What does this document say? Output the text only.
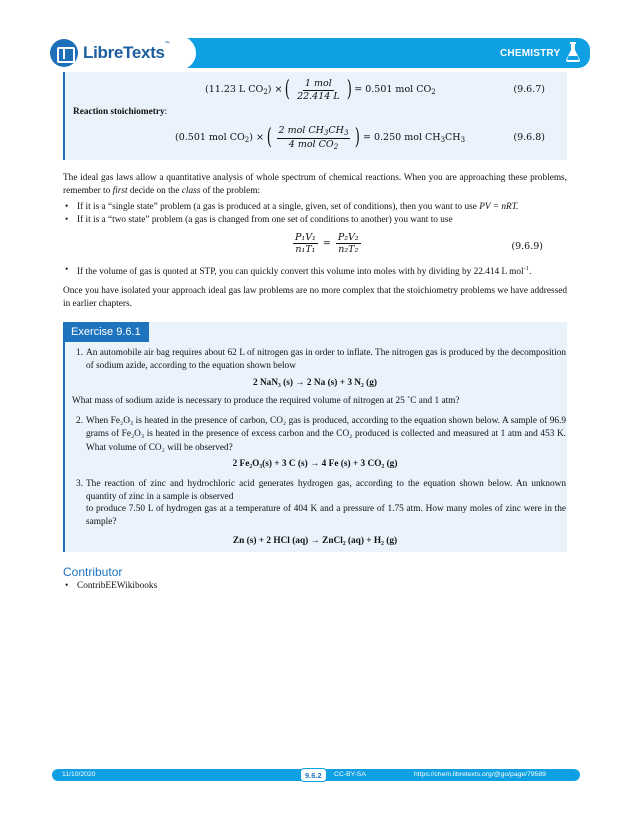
LibreTexts™
CHEMISTRY
(11.23 L $CO_2$) × ( $\frac{\text{1 mol}}{22.414 L}$ ) = 0.501 mol $CO_2$	(9.6.7)
Reaction stoichiometry:
(0.501 mol $CO_2$) × ( $\frac{2 mol CH_3CH_3}{4 mol CO_2}$ ) = 0.250 mol $CH_3CH_3$	(9.6.8)

The ideal gas laws allow a quantitative analysis of whole spectrum of chemical reactions. When you are approaching these problems, remember to first decide on the class of the problem:

• If it is a “single state” problem (a gas is produced at a single, given, set of conditions), then you want to use PV = nRT.
• If it is a “two state” problem (a gas is changed from one set of conditions to another) you want to use
$\frac{\text{P₁V₁}}{\text{n₁T₁}} = \frac{\text{P₂V₂}}{\text{n₂T₂}}$	(9.6.9)
• If the volume of gas is quoted at STP, you can quickly convert this volume into moles with by dividing by 22.414 L mol$^{-1}$.

Once you have isolated your approach ideal gas law problems are no more complex that the stoichiometry problems we have addressed in earlier chapters.

Exercise 9.6.1
1. An automobile air bag requires about 62 L of nitrogen gas in order to inflate. The nitrogen gas is produced by the decomposition of sodium azide, according to the equation shown below

2 NaN₃ (s) → 2 Na (s) + 3 N₂ (g)

What mass of sodium azide is necessary to produce the required volume of nitrogen at 25 ˚C and 1 atm?

2. When Fe₂O₃ is heated in the presence of carbon, CO₂ gas is produced, according to the equation shown below. A sample of 96.9 grams of Fe₂O₃ is heated in the presence of excess carbon and the CO₂ produced is collected and measured at 1 atm and 453 K. What volume of CO₂ will be observed?

2 Fe₂O₃(s) + 3 C (s) → 4 Fe (s) + 3 CO₂ (g)

3. The reaction of zinc and hydrochloric acid generates hydrogen gas, according to the equation shown below. An unknown quantity of zinc in a sample is observed

to produce 7.50 L of hydrogen gas at a temperature of 404 K and a pressure of 1.75 atm. How many moles of zinc were in the sample?

Zn (s) + 2 HCl (aq) → ZnCl₂ (aq) + H₂ (g)

Contributor
• ContribEEWikibooks
11/10/2020	9.6.2	CC-BY-SA	https://chem.libretexts.org/@go/page/79589
